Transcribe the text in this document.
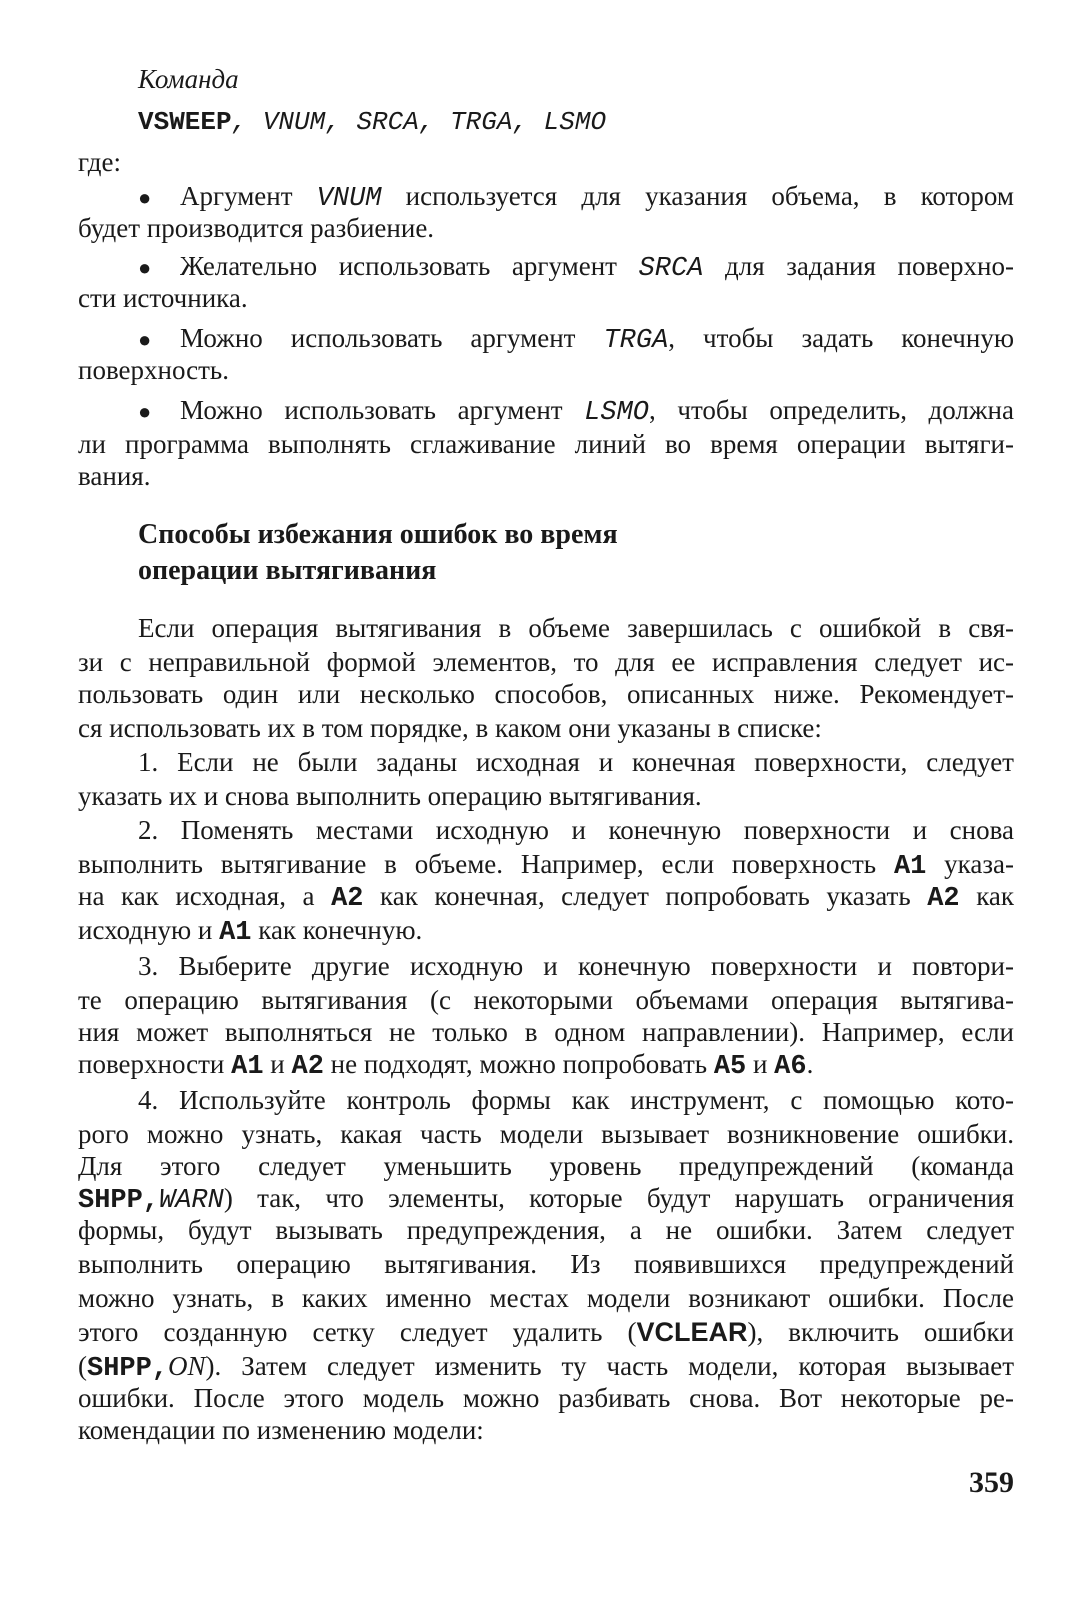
Команда
VSWEEP, VNUM, SRCA, TRGA, LSMO
где:
● Аргумент VNUM используется для указания объема, в котором
будет производится разбиение.
● Желательно использовать аргумент SRCA для задания поверхно-
сти источника.
● Можно использовать аргумент TRGA, чтобы задать конечную
поверхность.
● Можно использовать аргумент LSMO, чтобы определить, должна
ли программа выполнять сглаживание линий во время операции вытяги-
вания.
Способы избежания ошибок во время
операции вытягивания
Если операция вытягивания в объеме завершилась с ошибкой в свя-
зи с неправильной формой элементов, то для ее исправления следует ис-
пользовать один или несколько способов, описанных ниже. Рекомендует-
ся использовать их в том порядке, в каком они указаны в списке:
1. Если не были заданы исходная и конечная поверхности, следует
указать их и снова выполнить операцию вытягивания.
2. Поменять местами исходную и конечную поверхности и снова
выполнить вытягивание в объеме. Например, если поверхность A1 указа-
на как исходная, а A2 как конечная, следует попробовать указать A2 как
исходную и A1 как конечную.
3. Выберите другие исходную и конечную поверхности и повтори-
те операцию вытягивания (с некоторыми объемами операция вытягива-
ния может выполняться не только в одном направлении). Например, если
поверхности A1 и A2 не подходят, можно попробовать A5 и A6.
4. Используйте контроль формы как инструмент, с помощью кото-
рого можно узнать, какая часть модели вызывает возникновение ошибки.
Для этого следует уменьшить уровень предупреждений (команда
SHPP,WARN) так, что элементы, которые будут нарушать ограничения
формы, будут вызывать предупреждения, а не ошибки. Затем следует
выполнить операцию вытягивания. Из появившихся предупреждений
можно узнать, в каких именно местах модели возникают ошибки. После
этого созданную сетку следует удалить (VCLEAR), включить ошибки
(SHPP,ON). Затем следует изменить ту часть модели, которая вызывает
ошибки. После этого модель можно разбивать снова. Вот некоторые ре-
комендации по изменению модели:
359
